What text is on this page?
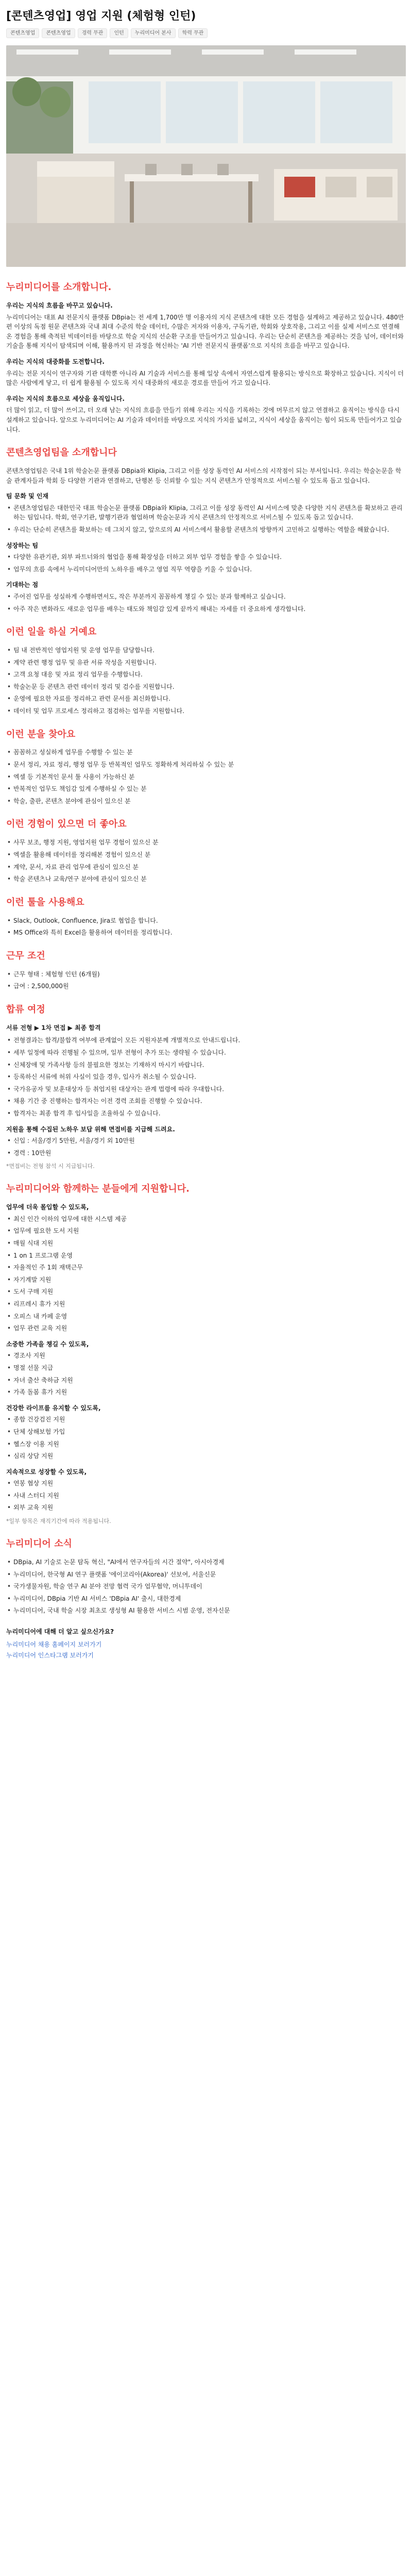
[콘텐츠영업] 영업 지원 (체험형 인턴)
콘텐츠영업	콘텐츠영업	경력 무관	인턴	누리미디어 본사	학력 무관
누리미디어를 소개합니다.
우리는 지식의 흐름을 바꾸고 있습니다.

누리미디어는 대표 AI 전문지식 플랫폼 DBpia는 전 세계 1,700만 명 이용자의 지식 콘텐츠에 대한 모든 경험을 설계하고 제공하고 있습니다. 480만 편 이상의 독점 원문 콘텐츠와 국내 최대 수준의 학술 데이터, 수많은 저자와 이용자, 구독기관, 학회와 상호작용, 그리고 이를 실제 서비스로 연결해 온 경험을 통해 축적된 빅데이터를 바탕으로 학술 지식의 선순환 구조를 만들어가고 있습니다. 우리는 단순히 콘텐츠를 제공하는 것을 넘어, 데이터와 기술을 통해 지식이 탐색되며 이해, 활용까지 된 과정을 혁신하는 'AI 기반 전문지식 플랫폼'으로 지식의 흐름을 바꾸고 있습니다.

우리는 지식의 대중화를 도전합니다.

우리는 전문 지식이 연구자와 기관 대학뿐 아니라 AI 기술과 서비스를 통해 일상 속에서 자연스럽게 활용되는 방식으로 확장하고 있습니다. 지식이 더 많은 사람에게 닿고, 더 쉽게 활용될 수 있도록 지식 대중화의 새로운 경로를 만들어 가고 있습니다.

우리는 지식의 흐름으로 세상을 움직입니다.

더 많이 읽고, 더 많이 쓰이고, 더 오래 남는 지식의 흐름을 만들기 위해 우리는 지식을 기록하는 것에 머무르지 않고 연결하고 움직이는 방식을 다시 설계하고 있습니다. 앞으로 누리미디어는 AI 기술과 데이터를 바탕으로 지식의 가치를 넓히고, 지식이 세상을 움직이는 힘이 되도록 만들어가고 있습니다.

콘텐츠영업팀을 소개합니다

콘텐츠영업팀은 국내 1위 학술논문 플랫폼 DBpia와 Klipia, 그리고 이를 성장 동력인 AI 서비스의 시작점이 되는 부서입니다. 우리는 학술논문을 학술 관계자들과 학회 등 다양한 기관과 연결하고, 단행본 등 신뢰할 수 있는 지식 콘텐츠가 안정적으로 서비스될 수 있도록 돕고 있습니다.

팀 문화 및 인재
• 콘텐츠영업팀은 대한민국 대표 학술논문 플랫폼 DBpia와 Klipia, 그리고 이를 성장 동력인 AI 서비스에 맞춘 다양한 지식 콘텐츠를 확보하고 관리하는 팀입니다. 학회, 연구기관, 발행기관과 협업하며 학술논문과 지식 콘텐츠의 안정적으로 서비스될 수 있도록 돕고 있습니다.
• 우리는 단순히 콘텐츠를 확보하는 데 그치지 않고, 앞으로의 AI 서비스에서 활용할 콘텐츠의 방향까지 고민하고 실행하는 역할을 해왔습니다.
성장하는 팀
• 다양한 유관기관, 외부 파트너와의 협업을 통해 확장성을 더하고 외부 업무 경험을 쌓을 수 있습니다.
• 업무의 흐름 속에서 누리미디어만의 노하우를 배우고 영업 직무 역량을 키울 수 있습니다.
기대하는 점
• 주어진 업무를 성실하게 수행하면서도, 작은 부분까지 꼼꼼하게 챙길 수 있는 분과 함께하고 싶습니다.
• 아주 작은 변화라도 새로운 업무를 배우는 태도와 책임감 있게 끝까지 해내는 자세를 더 중요하게 생각합니다.
이런 일을 하실 거예요
• 팀 내 전반적인 영업지원 및 운영 업무를 담당합니다.
• 계약 관련 행정 업무 및 유관 서류 작성을 지원합니다.
• 고객 요청 대응 및 자료 정리 업무를 수행합니다.
• 학술논문 등 콘텐츠 관련 데이터 정리 및 검수를 지원합니다.
• 운영에 필요한 자료를 정리하고 관련 문서를 최신화합니다.
• 데이터 및 업무 프로세스 정리하고 점검하는 업무를 지원합니다.
이런 분을 찾아요
• 꼼꼼하고 성실하게 업무를 수행할 수 있는 분
• 문서 정리, 자료 정리, 행정 업무 등 반복적인 업무도 정확하게 처리하실 수 있는 분
• 엑셀 등 기본적인 문서 툴 사용이 가능하신 분
• 반복적인 업무도 책임감 있게 수행하실 수 있는 분
• 학술, 출판, 콘텐츠 분야에 관심이 있으신 분
이런 경험이 있으면 더 좋아요
• 사무 보조, 행정 지원, 영업지원 업무 경험이 있으신 분
• 엑셀을 활용해 데이터를 정리해본 경험이 있으신 분
• 계약, 문서, 자료 관리 업무에 관심이 있으신 분
• 학술 콘텐츠나 교육/연구 분야에 관심이 있으신 분
이런 툴을 사용해요
• Slack, Outlook, Confluence, Jira로 협업을 합니다.
• MS Office와 특히 Excel을 활용하여 데이터를 정리합니다.
근무 조건
• 근무 형태 : 체험형 인턴 (6개월)
• 급여 : 2,500,000원
합류 여정

서류 전형 ▶ 1차 면접 ▶ 최종 합격

• 전형결과는 합격/불합격 여부에 관계없이 모든 지원자분께 개별적으로 안내드립니다.
• 세부 일정에 따라 진행될 수 있으며, 일부 전형이 추가 또는 생략될 수 있습니다.
• 신체장애 및 가족사항 등의 불필요한 정보는 기재하지 마시기 바랍니다.
• 등록하신 서류에 허위 사실이 있을 경우, 입사가 취소될 수 있습니다.
• 국가유공자 및 보훈대상자 등 취업지원 대상자는 관계 법령에 따라 우대합니다.
• 채용 기간 중 진행하는 합격자는 이전 경력 조회를 진행할 수 있습니다.
• 합격자는 최종 합격 후 입사일을 조율하실 수 있습니다.
지원을 통해 수집된 노하우 보답 위해 면접비를 지급해 드려요.
• 신입 : 서울/경기 5만원, 서울/경기 외 10만원
• 경력 : 10만원

*면접비는 전형 참석 시 지급됩니다.

누리미디어와 함께하는 분들에게 지원합니다.
업무에 더욱 몰입할 수 있도록,
• 최신 인간 이하의 업무에 대한 시스템 제공
• 업무에 필요한 도서 지원
• 매월 식대 지원
• 1 on 1 프로그램 운영
• 자율적인 주 1회 재택근무
• 자기계발 지원
• 도서 구매 지원
• 리프레시 휴가 지원
• 오피스 내 카페 운영
• 업무 관련 교육 지원
소중한 가족을 챙길 수 있도록,
• 경조사 지원
• 명절 선물 지급
• 자녀 출산 축하금 지원
• 가족 돌봄 휴가 지원
건강한 라이프를 유지할 수 있도록,
• 종합 건강검진 지원
• 단체 상해보험 가입
• 헬스장 이용 지원
• 심리 상담 지원
지속적으로 성장할 수 있도록,
• 연봉 협상 지원
• 사내 스터디 지원
• 외부 교육 지원

*일부 항목은 재직기간에 따라 적용됩니다.

누리미디어 소식
• DBpia, AI 기술로 논문 탐독 혁신, "AI에서 연구자들의 시간 절약", 아시아경제
• 누리미디어, 한국형 AI 연구 플랫폼 '에이코리아(Akorea)' 선보여, 서울신문
• 국가생물자원, 학술 연구 AI 분야 전망 협력 국가 업무협약, 머니투데이
• 누리미디어, DBpia 기반 AI 서비스 'DBpia AI' 출시, 대한경제
• 누리미디어, 국내 학술 시장 최초로 생성형 AI 활용한 서비스 시범 운영, 전자신문
누리미디어에 대해 더 알고 싶으신가요?
누리미디어 채용 홈페이지 보러가기
누리미디어 인스타그램 보러가기
